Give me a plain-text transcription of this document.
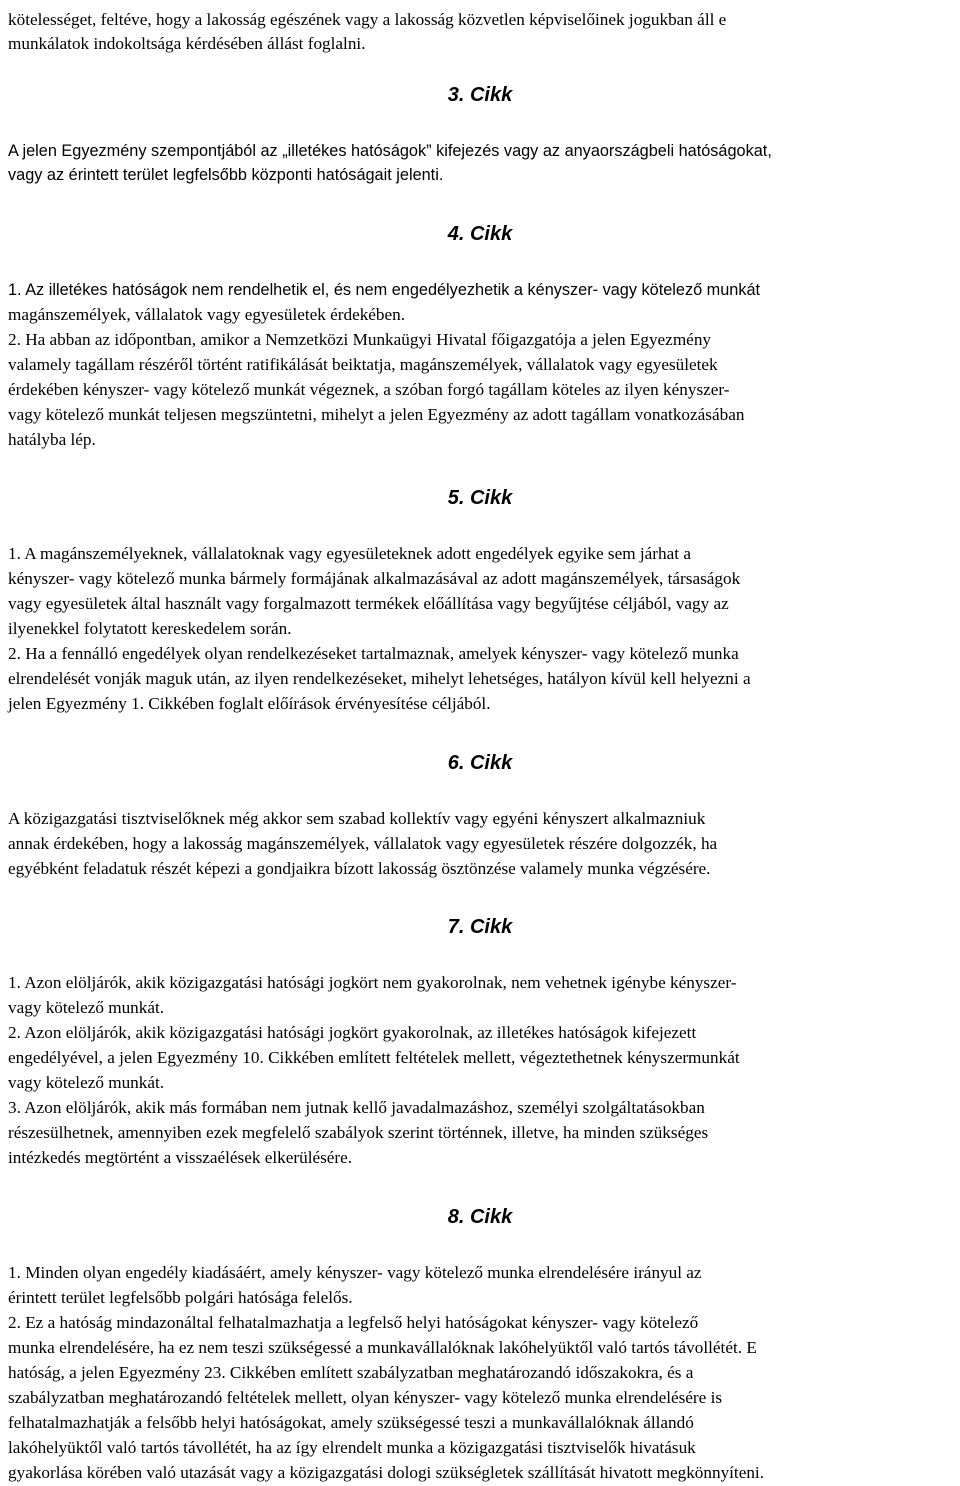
kötelességet, feltéve, hogy a lakosság egészének vagy a lakosság közvetlen képviselőinek jogukban áll e
munkálatok indokoltsága kérdésében állást foglalni.
3. Cikk
A jelen Egyezmény szempontjából az „illetékes hatóságok” kifejezés vagy az anyaországbeli hatóságokat,
vagy az érintett terület legfelsőbb központi hatóságait jelenti.
4. Cikk
1. Az illetékes hatóságok nem rendelhetik el, és nem engedélyezhetik a kényszer- vagy kötelező munkát
magánszemélyek, vállalatok vagy egyesületek érdekében.
2. Ha abban az időpontban, amikor a Nemzetközi Munkaügyi Hivatal főigazgatója a jelen Egyezmény
valamely tagállam részéről történt ratifikálását beiktatja, magánszemélyek, vállalatok vagy egyesületek
érdekében kényszer- vagy kötelező munkát végeznek, a szóban forgó tagállam köteles az ilyen kényszer-
vagy kötelező munkát teljesen megszüntetni, mihelyt a jelen Egyezmény az adott tagállam vonatkozásában
hatályba lép.
5. Cikk
1. A magánszemélyeknek, vállalatoknak vagy egyesületeknek adott engedélyek egyike sem járhat a
kényszer- vagy kötelező munka bármely formájának alkalmazásával az adott magánszemélyek, társaságok
vagy egyesületek által használt vagy forgalmazott termékek előállítása vagy begyűjtése céljából, vagy az
ilyenekkel folytatott kereskedelem során.
2. Ha a fennálló engedélyek olyan rendelkezéseket tartalmaznak, amelyek kényszer- vagy kötelező munka
elrendelését vonják maguk után, az ilyen rendelkezéseket, mihelyt lehetséges, hatályon kívül kell helyezni a
jelen Egyezmény 1. Cikkében foglalt előírások érvényesítése céljából.
6. Cikk
A közigazgatási tisztviselőknek még akkor sem szabad kollektív vagy egyéni kényszert alkalmazniuk
annak érdekében, hogy a lakosság magánszemélyek, vállalatok vagy egyesületek részére dolgozzék, ha
egyébként feladatuk részét képezi a gondjaikra bízott lakosság ösztönzése valamely munka végzésére.
7. Cikk
1. Azon elöljárók, akik közigazgatási hatósági jogkört nem gyakorolnak, nem vehetnek igénybe kényszer-
vagy kötelező munkát.
2. Azon elöljárók, akik közigazgatási hatósági jogkört gyakorolnak, az illetékes hatóságok kifejezett
engedélyével, a jelen Egyezmény 10. Cikkében említett feltételek mellett, végeztethetnek kényszermunkát
vagy kötelező munkát.
3. Azon elöljárók, akik más formában nem jutnak kellő javadalmazáshoz, személyi szolgáltatásokban
részesülhetnek, amennyiben ezek megfelelő szabályok szerint történnek, illetve, ha minden szükséges
intézkedés megtörtént a visszaélések elkerülésére.
8. Cikk
1. Minden olyan engedély kiadásáért, amely kényszer- vagy kötelező munka elrendelésére irányul az
érintett terület legfelsőbb polgári hatósága felelős.
2. Ez a hatóság mindazonáltal felhatalmazhatja a legfelső helyi hatóságokat kényszer- vagy kötelező
munka elrendelésére, ha ez nem teszi szükségessé a munkavállalóknak lakóhelyüktől való tartós távollétét. E
hatóság, a jelen Egyezmény 23. Cikkében említett szabályzatban meghatározandó időszakokra, és a
szabályzatban meghatározandó feltételek mellett, olyan kényszer- vagy kötelező munka elrendelésére is
felhatalmazhatják a felsőbb helyi hatóságokat, amely szükségessé teszi a munkavállalóknak állandó
lakóhelyüktől való tartós távollétét, ha az így elrendelt munka a közigazgatási tisztviselők hivatásuk
gyakorlása körében való utazását vagy a közigazgatási dologi szükségletek szállítását hivatott megkönnyíteni.
